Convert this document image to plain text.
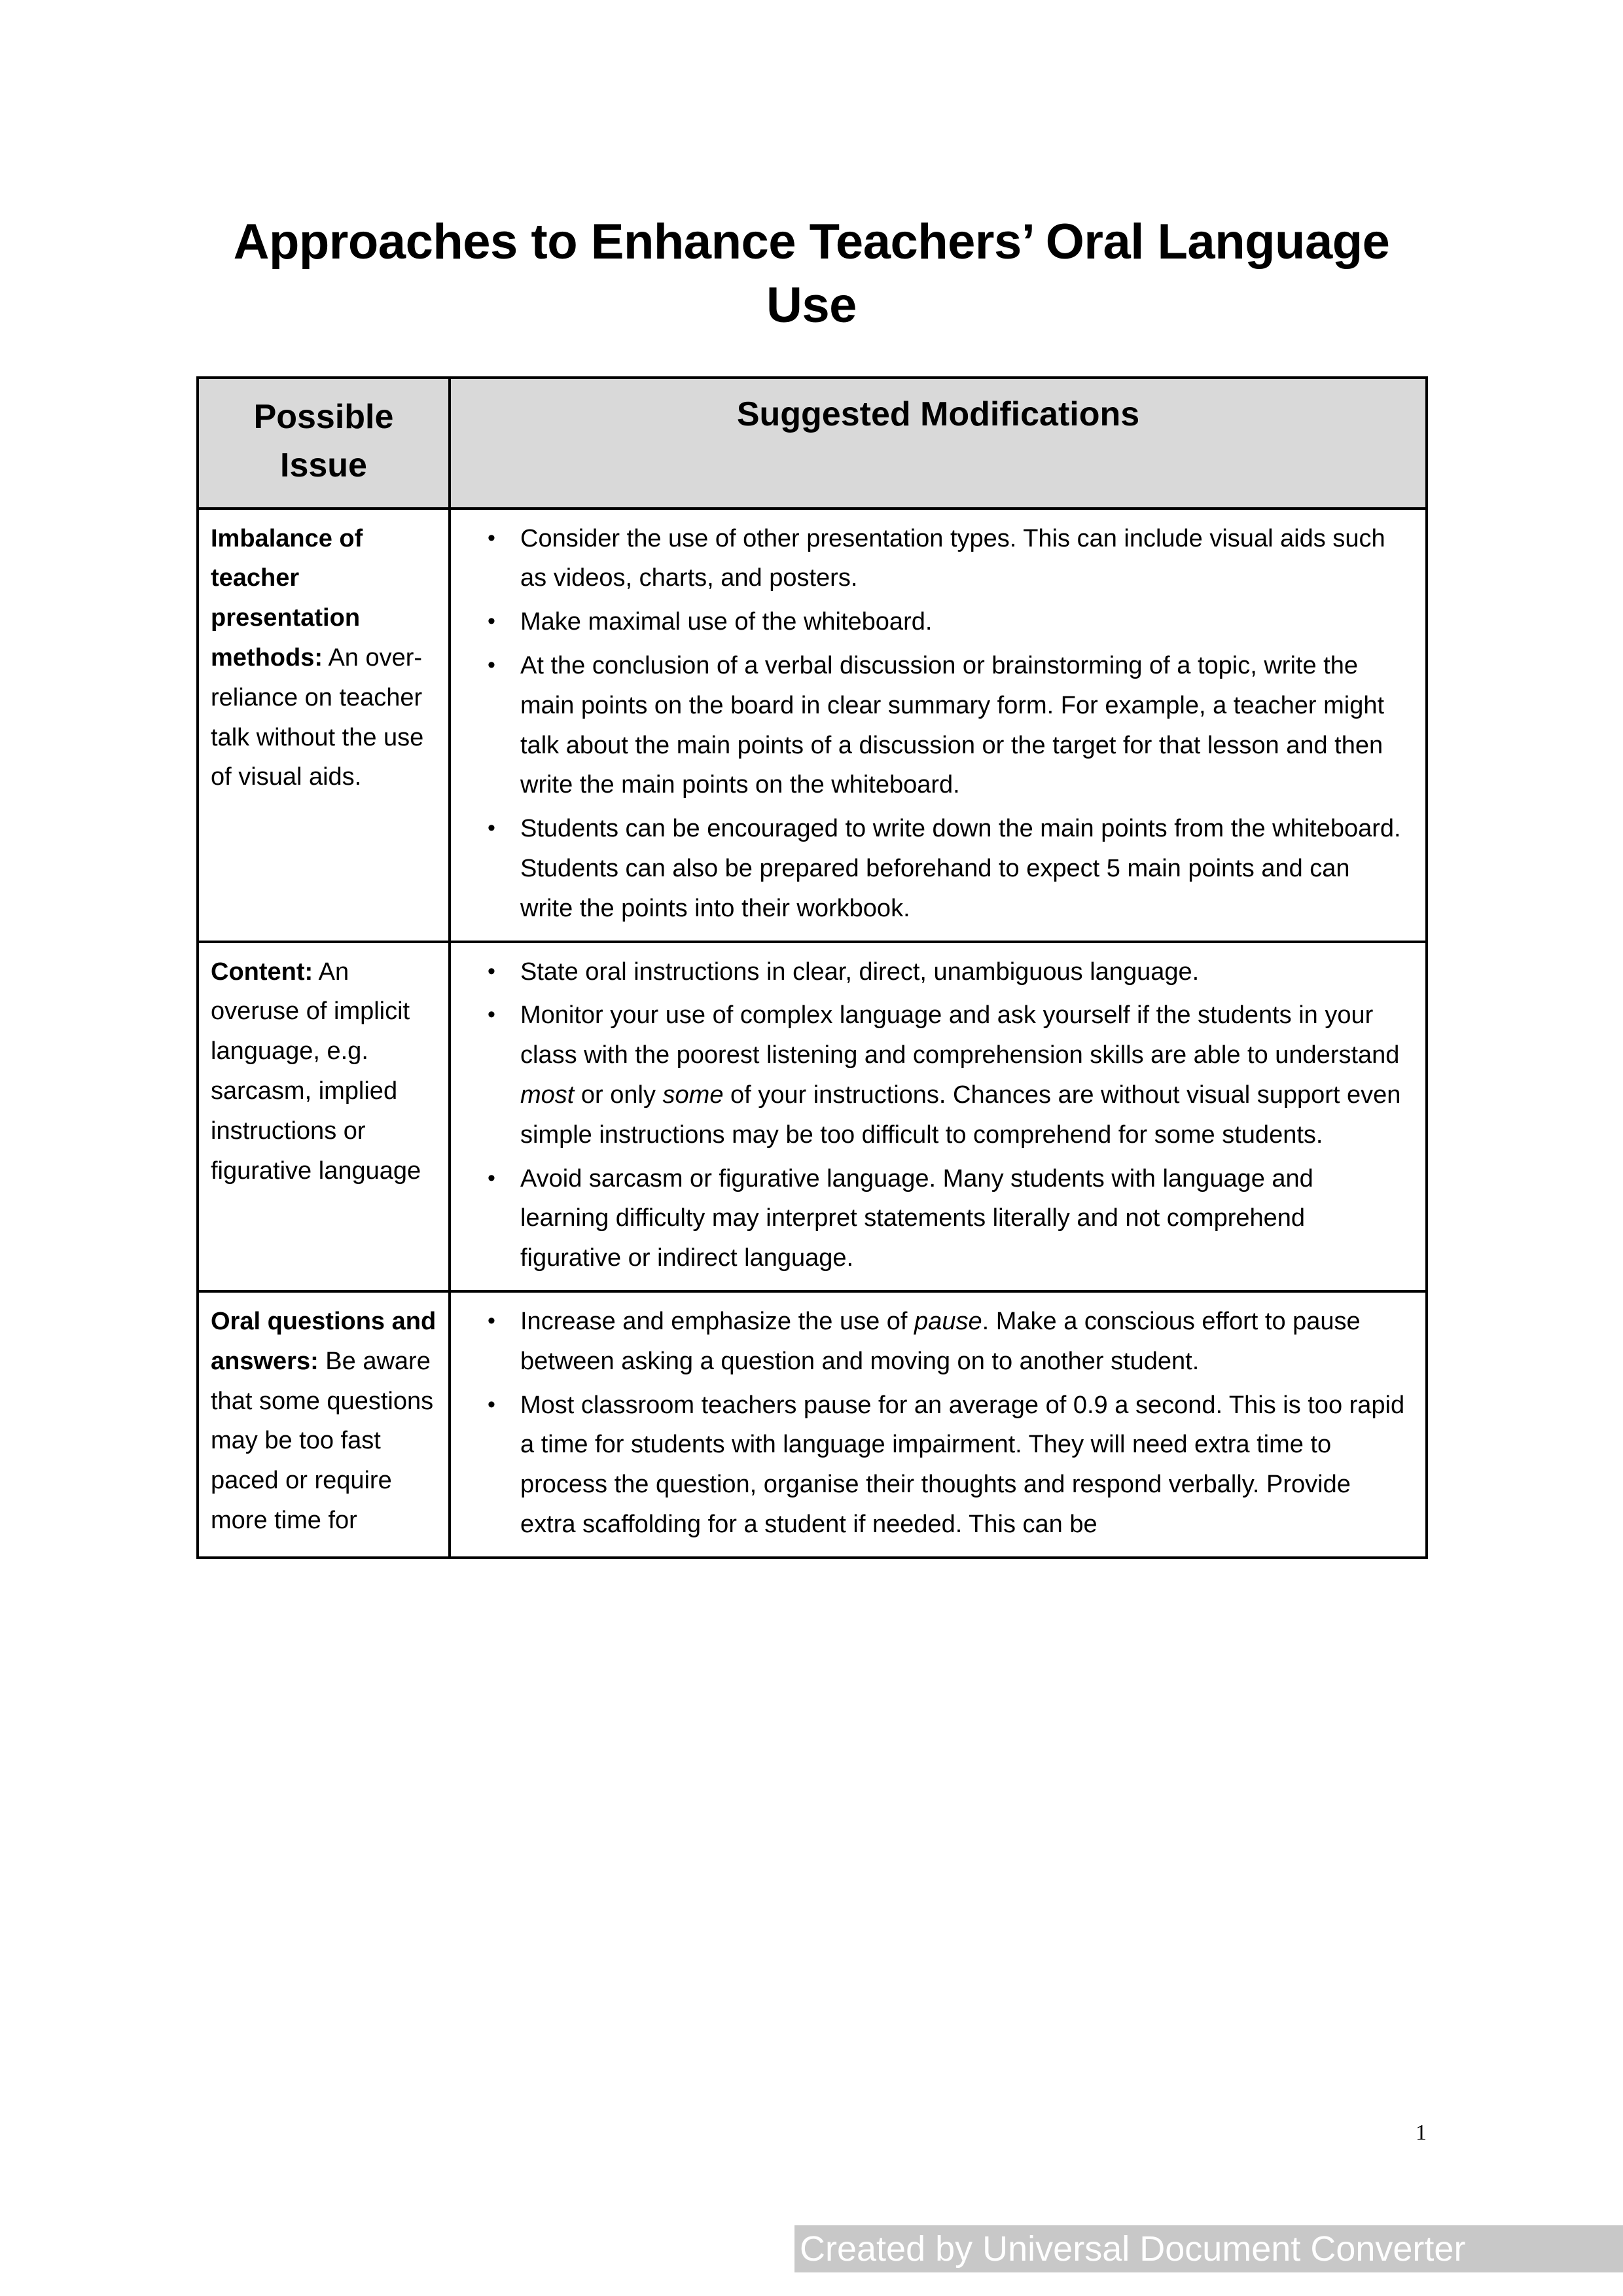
Approaches to Enhance Teachers’ Oral Language Use
Possible Issue	Suggested Modifications
Imbalance of teacher presentation methods: An over-reliance on teacher talk without the use of visual aids.	
• Consider the use of other presentation types. This can include visual aids such as videos, charts, and posters.
• Make maximal use of the whiteboard.
• At the conclusion of a verbal discussion or brainstorming of a topic, write the main points on the board in clear summary form. For example, a teacher might talk about the main points of a discussion or the target for that lesson and then write the main points on the whiteboard.
• Students can be encouraged to write down the main points from the whiteboard. Students can also be prepared beforehand to expect 5 main points and can write the points into their workbook.

Content: An overuse of implicit language, e.g. sarcasm, implied instructions or figurative language	
• State oral instructions in clear, direct, unambiguous language.
• Monitor your use of complex language and ask yourself if the students in your class with the poorest listening and comprehension skills are able to understand most or only some of your instructions. Chances are without visual support even simple instructions may be too difficult to comprehend for some students.
• Avoid sarcasm or figurative language. Many students with language and learning difficulty may interpret statements literally and not comprehend figurative or indirect language.

Oral questions and answers: Be aware that some questions may be too fast paced or require more time for	
• Increase and emphasize the use of pause. Make a conscious effort to pause between asking a question and moving on to another student.
• Most classroom teachers pause for an average of 0.9 a second. This is too rapid a time for students with language impairment. They will need extra time to process the question, organise their thoughts and respond verbally. Provide extra scaffolding for a student if needed. This can be
1
Created by Universal Document Converter
